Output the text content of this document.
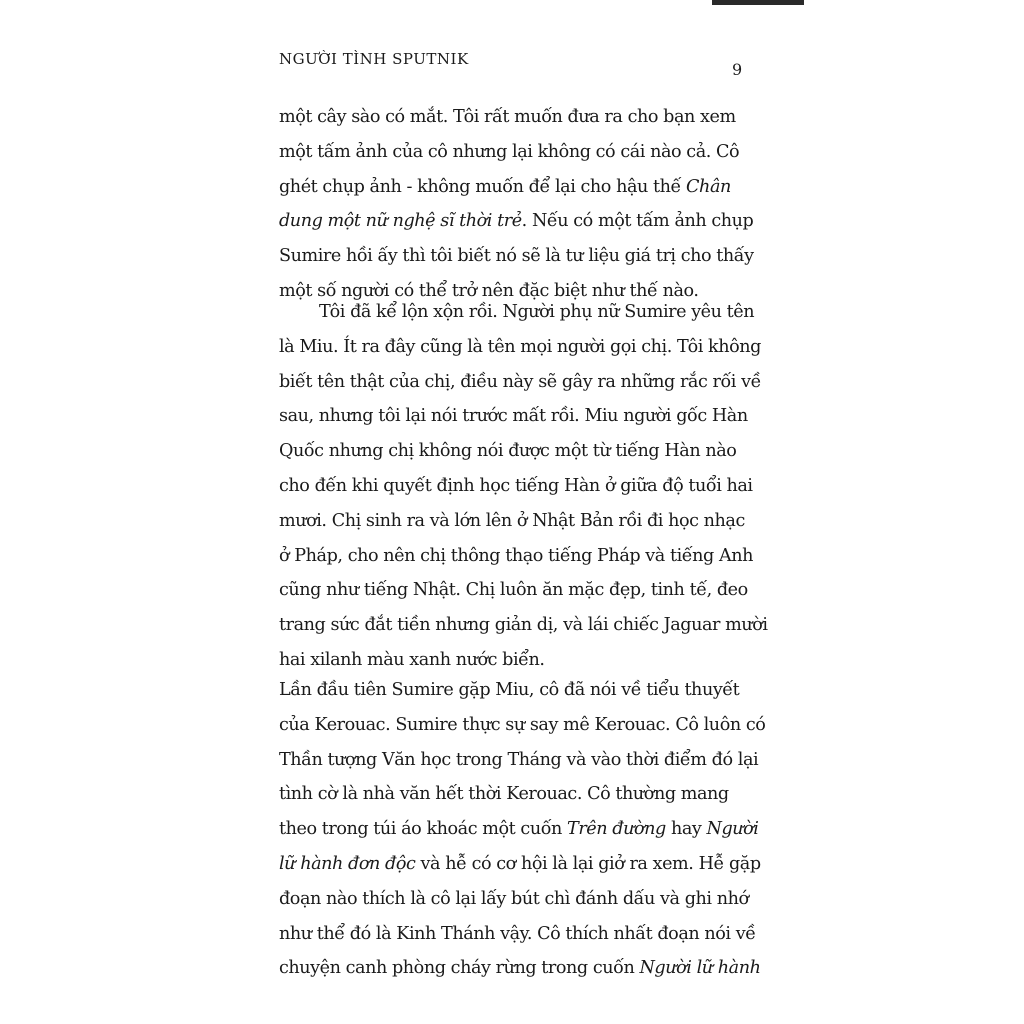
NGƯỜI TÌNH SPUTNIK
9
một cây sào có mắt. Tôi rất muốn đưa ra cho bạn xem
một tấm ảnh của cô nhưng lại không có cái nào cả. Cô
ghét chụp ảnh - không muốn để lại cho hậu thế Chân
dung một nữ nghệ sĩ thời trẻ. Nếu có một tấm ảnh chụp
Sumire hồi ấy thì tôi biết nó sẽ là tư liệu giá trị cho thấy
một số người có thể trở nên đặc biệt như thế nào.
Tôi đã kể lộn xộn rồi. Người phụ nữ Sumire yêu tên
là Miu. Ít ra đây cũng là tên mọi người gọi chị. Tôi không
biết tên thật của chị, điều này sẽ gây ra những rắc rối về
sau, nhưng tôi lại nói trước mất rồi. Miu người gốc Hàn
Quốc nhưng chị không nói được một từ tiếng Hàn nào
cho đến khi quyết định học tiếng Hàn ở giữa độ tuổi hai
mươi. Chị sinh ra và lớn lên ở Nhật Bản rồi đi học nhạc
ở Pháp, cho nên chị thông thạo tiếng Pháp và tiếng Anh
cũng như tiếng Nhật. Chị luôn ăn mặc đẹp, tinh tế, đeo
trang sức đắt tiền nhưng giản dị, và lái chiếc Jaguar mười
hai xilanh màu xanh nước biển.
Lần đầu tiên Sumire gặp Miu, cô đã nói về tiểu thuyết
của Kerouac. Sumire thực sự say mê Kerouac. Cô luôn có
Thần tượng Văn học trong Tháng và vào thời điểm đó lại
tình cờ là nhà văn hết thời Kerouac. Cô thường mang
theo trong túi áo khoác một cuốn Trên đường hay Người
lữ hành đơn độc và hễ có cơ hội là lại giở ra xem. Hễ gặp
đoạn nào thích là cô lại lấy bút chì đánh dấu và ghi nhớ
như thể đó là Kinh Thánh vậy. Cô thích nhất đoạn nói về
chuyện canh phòng cháy rừng trong cuốn Người lữ hành
